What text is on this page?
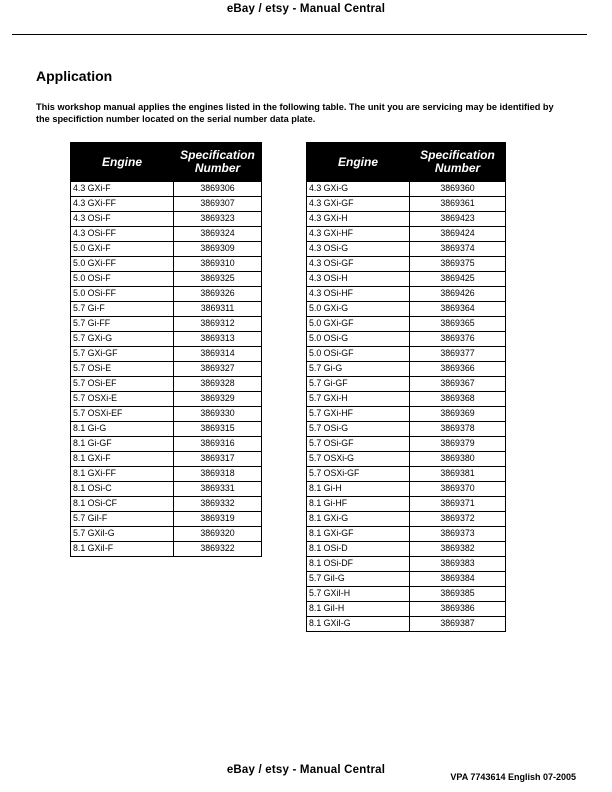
eBay / etsy - Manual Central
Application
This workshop manual applies the engines listed in the following table. The unit you are servicing may be identified by the specifiction number located on the serial number data plate.
Engine	Specification
Number
4.3 GXi-F	3869306
4.3 GXi-FF	3869307
4.3 OSi-F	3869323
4.3 OSi-FF	3869324
5.0 GXi-F	3869309
5.0 GXi-FF	3869310
5.0 OSi-F	3869325
5.0 OSi-FF	3869326
5.7 Gi-F	3869311
5.7 Gi-FF	3869312
5.7 GXi-G	3869313
5.7 GXi-GF	3869314
5.7 OSi-E	3869327
5.7 OSi-EF	3869328
5.7 OSXi-E	3869329
5.7 OSXi-EF	3869330
8.1 Gi-G	3869315
8.1 Gi-GF	3869316
8.1 GXi-F	3869317
8.1 GXi-FF	3869318
8.1 OSi-C	3869331
8.1 OSi-CF	3869332
5.7 GiI-F	3869319
5.7 GXiI-G	3869320
8.1 GXiI-F	3869322
Engine	Specification
Number
4.3 GXi-G	3869360
4.3 GXi-GF	3869361
4.3 GXi-H	3869423
4.3 GXi-HF	3869424
4.3 OSi-G	3869374
4.3 OSi-GF	3869375
4.3 OSi-H	3869425
4.3 OSi-HF	3869426
5.0 GXi-G	3869364
5.0 GXi-GF	3869365
5.0 OSi-G	3869376
5.0 OSi-GF	3869377
5.7 Gi-G	3869366
5.7 Gi-GF	3869367
5.7 GXi-H	3869368
5.7 GXi-HF	3869369
5.7 OSi-G	3869378
5.7 OSi-GF	3869379
5.7 OSXi-G	3869380
5.7 OSXi-GF	3869381
8.1 Gi-H	3869370
8.1 Gi-HF	3869371
8.1 GXi-G	3869372
8.1 GXi-GF	3869373
8.1 OSi-D	3869382
8.1 OSi-DF	3869383
5.7 GiI-G	3869384
5.7 GXiI-H	3869385
8.1 GiI-H	3869386
8.1 GXiI-G	3869387
eBay / etsy - Manual Central
VPA 7743614 English 07-2005
